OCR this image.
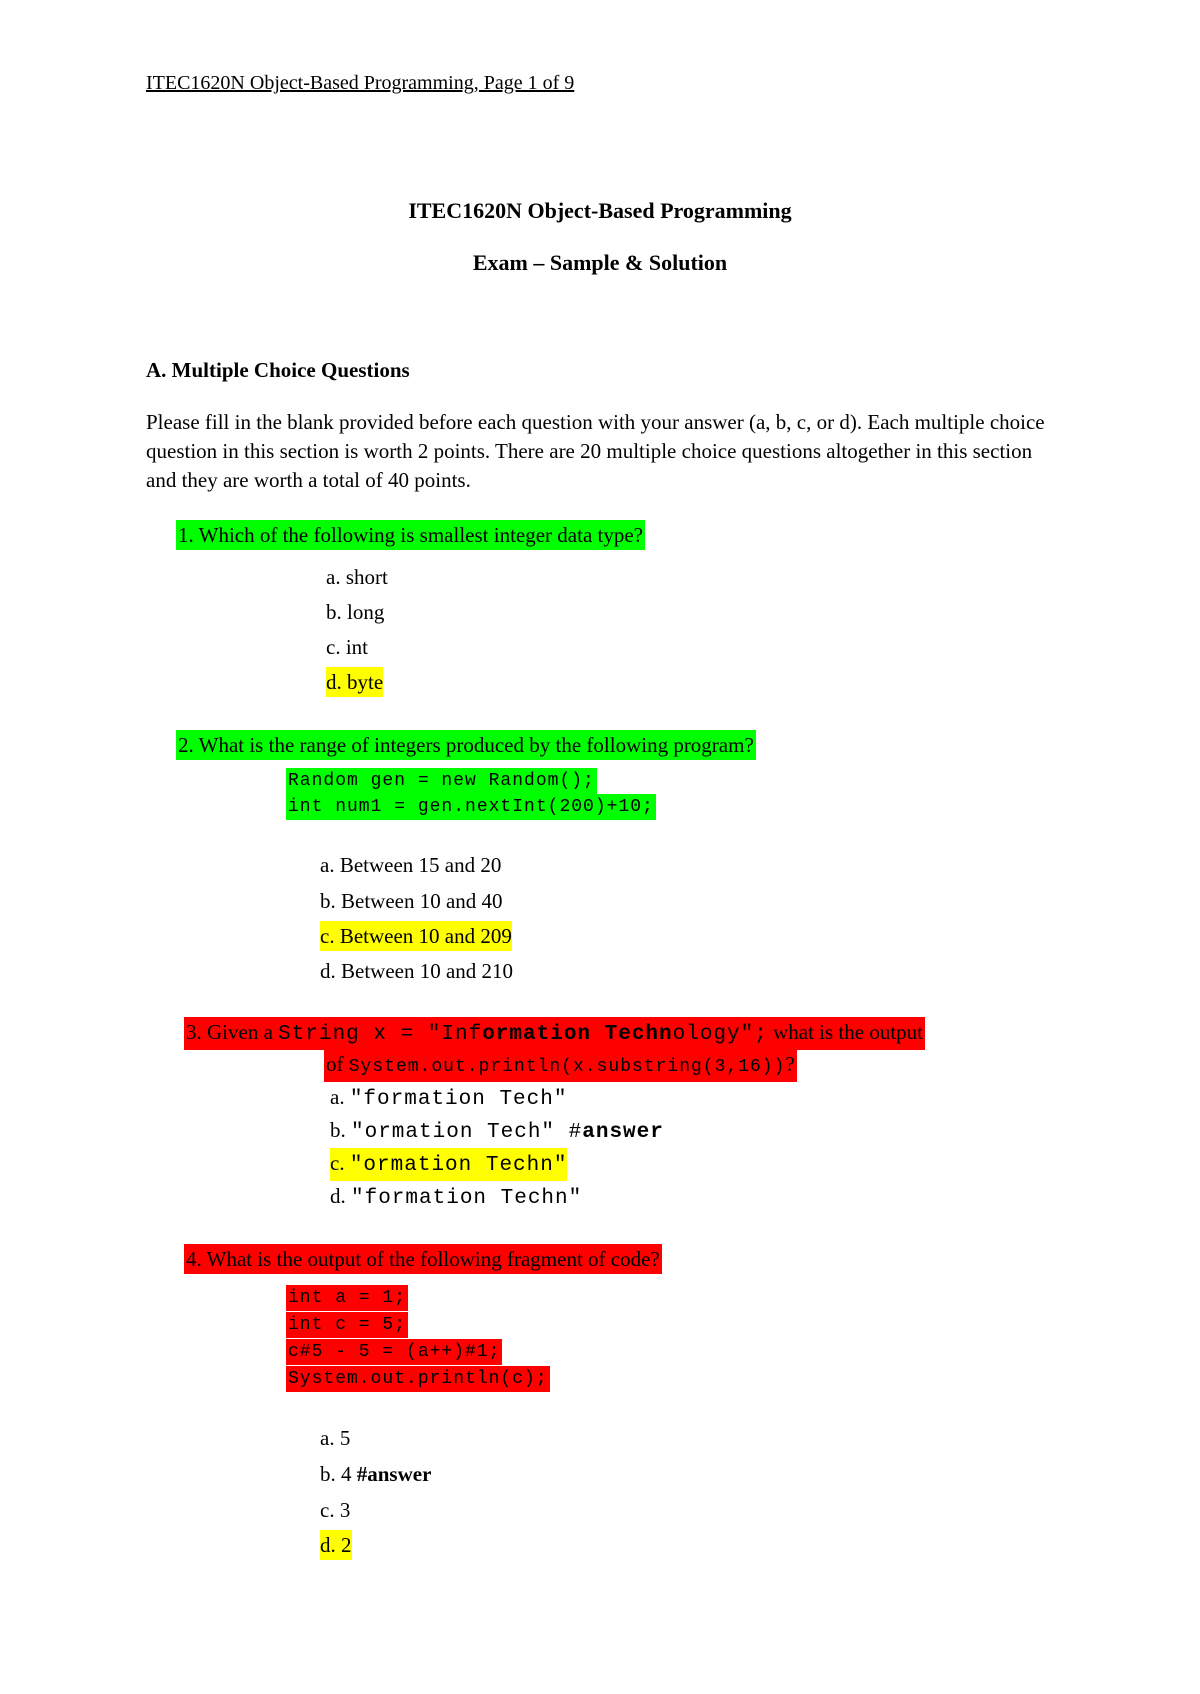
ITEC1620N Object-Based Programming, Page 1 of 9
ITEC1620N Object-Based Programming
Exam – Sample & Solution
A. Multiple Choice Questions
Please fill in the blank provided before each question with your answer (a, b, c, or d). Each multiple choice question in this section is worth 2 points. There are 20 multiple choice questions altogether in this section and they are worth a total of 40 points.
1. Which of the following is smallest integer data type?
a. short
b. long
c. int
d. byte
2. What is the range of integers produced by the following program?
Random gen = new Random();
int num1 = gen.nextInt(200)+10;
a. Between 15 and 20
b. Between 10 and 40
c. Between 10 and 209
d. Between 10 and 210
3. Given a String x = "Information Technology"; what is the output
of System.out.println(x.substring(3,16))?
a. "formation Tech"
b. "ormation Tech" #answer
c. "ormation Techn"
d. "formation Techn"
4. What is the output of the following fragment of code?
int a = 1;
int c = 5;
c#5 - 5 = (a++)#1;
System.out.println(c);
a. 5
b. 4 #answer
c. 3
d. 2
